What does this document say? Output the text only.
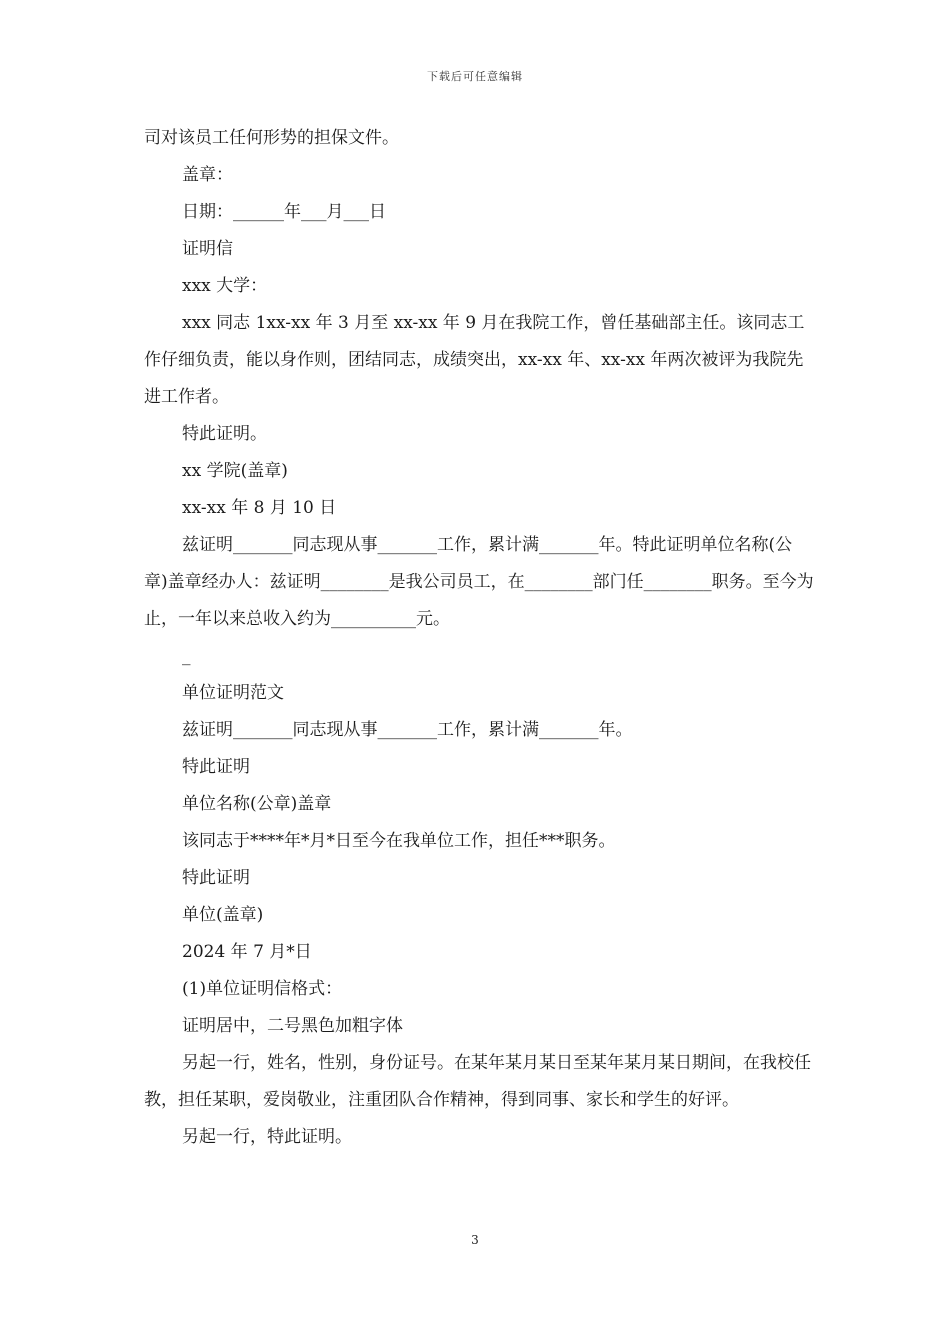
下载后可任意编辑

司对该员工任何形势的担保文件。

盖章：

日期：______年___月___日

证明信

xxx 大学：

xxx 同志 1xx-xx 年 3 月至 xx-xx 年 9 月在我院工作，曾任基础部主任。该同志工作仔细负责，能以身作则，团结同志，成绩突出，xx-xx 年、xx-xx 年两次被评为我院先进工作者。

特此证明。

xx 学院(盖章)

xx-xx 年 8 月 10 日

兹证明_______同志现从事_______工作，累计满_______年。特此证明单位名称(公章)盖章经办人：兹证明________是我公司员工，在________部门任________职务。至今为止，一年以来总收入约为__________元。

_

单位证明范文

兹证明_______同志现从事_______工作，累计满_______年。

特此证明

单位名称(公章)盖章

该同志于****年*月*日至今在我单位工作，担任***职务。

特此证明

单位(盖章)

2024 年 7 月*日

(1)单位证明信格式：

证明居中，二号黑色加粗字体

另起一行，姓名，性别，身份证号。在某年某月某日至某年某月某日期间，在我校任教，担任某职，爱岗敬业，注重团队合作精神，得到同事、家长和学生的好评。

另起一行，特此证明。

3
